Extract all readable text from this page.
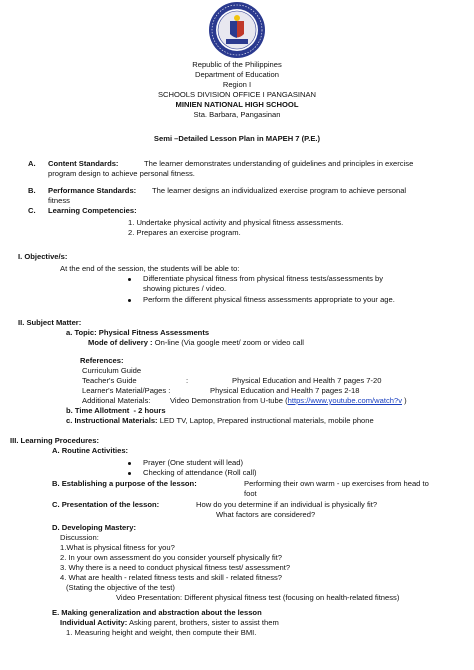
Republic of the Philippines
Department of Education
Region I
SCHOOLS DIVISION OFFICE I PANGASINAN
MINIEN NATIONAL HIGH SCHOOL
Sta. Barbara, Pangasinan
Semi –Detailed Lesson Plan in MAPEH 7 (P.E.)
A. Content Standards:	The learner demonstrates understanding of guidelines and principles in exercise
program design to achieve personal fitness.
B. Performance Standards: The learner designs an individualized exercise program to achieve personal
fitness
C. Learning Competencies:
1. Undertake physical activity and physical fitness assessments.
2. Prepares an exercise program.
I. Objective/s:
At the end of the session, the students will be able to:
Differentiate physical fitness from physical fitness tests/assessments by
showing pictures / video.
Perform the different physical fitness assessments appropriate to your age.
II. Subject Matter:
a. Topic: Physical Fitness Assessments
Mode of delivery : On-line (Via google meet/ zoom or video call
References:
Curriculum Guide
Teacher's Guide	:	Physical Education and Health 7 pages 7-20
Learner's Material/Pages :	Physical Education and Health 7 pages 2-18
Additional Materials:	Video Demonstration from U-tube (https://www.youtube.com/watch?v )
b. Time Allotment - 2 hours
c. Instructional Materials: LED TV, Laptop, Prepared instructional materials, mobile phone
III. Learning Procedures:
A. Routine Activities:
Prayer (One student will lead)
Checking of attendance (Roll call)
B. Establishing a purpose of the lesson:	Performing their own warm - up exercises from head to
foot
C. Presentation of the lesson:	How do you determine if an individual is physically fit?
What factors are considered?
D. Developing Mastery:
Discussion:
1.What is physical fitness for you?
2. In your own assessment do you consider yourself physically fit?
3. Why there is a need to conduct physical fitness test/ assessment?
4. What are health - related fitness tests and skill - related fitness?
(Stating the objective of the test)
Video Presentation: Different physical fitness test (focusing on health-related fitness)
E. Making generalization and abstraction about the lesson
Individual Activity: Asking parent, brothers, sister to assist them
1. Measuring height and weight, then compute their BMI.
